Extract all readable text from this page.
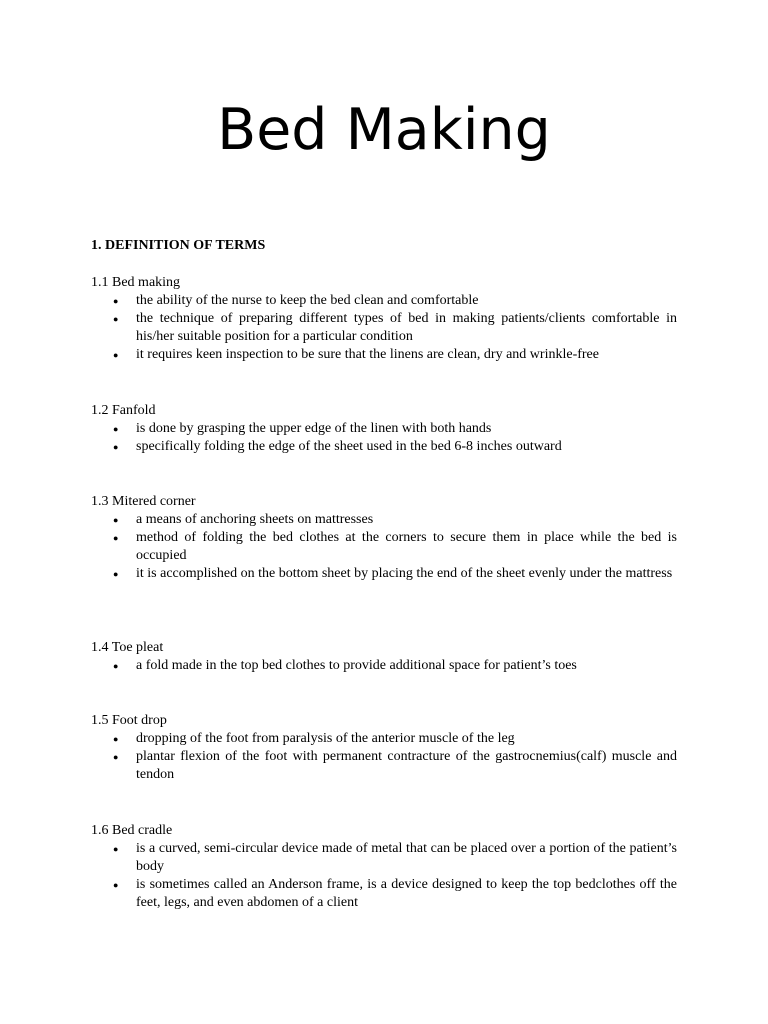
Bed Making
1. DEFINITION OF TERMS

1.1 Bed making

● the ability of the nurse to keep the bed clean and comfortable
● the technique of preparing different types of bed in making patients/clients comfortable in his/her suitable position for a particular condition
● it requires keen inspection to be sure that the linens are clean, dry and wrinkle-free

1.2 Fanfold

● is done by grasping the upper edge of the linen with both hands
● specifically folding the edge of the sheet used in the bed 6-8 inches outward

1.3 Mitered corner

● a means of anchoring sheets on mattresses
● method of folding the bed clothes at the corners to secure them in place while the bed is occupied
● it is accomplished on the bottom sheet by placing the end of the sheet evenly under the mattress

1.4 Toe pleat

● a fold made in the top bed clothes to provide additional space for patient’s toes

1.5 Foot drop

● dropping of the foot from paralysis of the anterior muscle of the leg
● plantar flexion of the foot with permanent contracture of the gastrocnemius(calf) muscle and tendon

1.6 Bed cradle

● is a curved, semi-circular device made of metal that can be placed over a portion of the patient’s body
● is sometimes called an Anderson frame, is a device designed to keep the top bedclothes off the feet, legs, and even abdomen of a client
